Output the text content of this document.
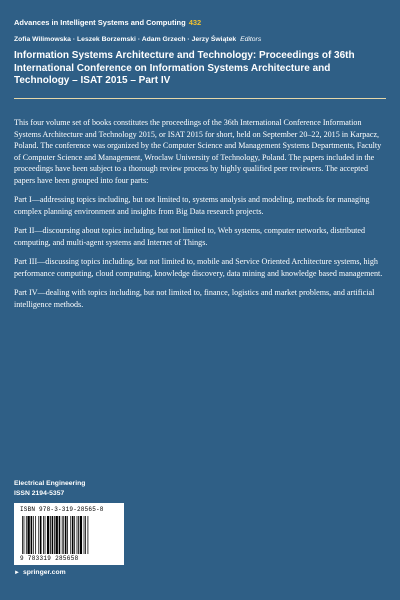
Advances in Intelligent Systems and Computing 432
Zofia Wilimowska · Leszek Borzemski · Adam Grzech · Jerzy Świątek Editors
Information Systems Architecture and Technology: Proceedings of 36th International Conference on Information Systems Architecture and Technology – ISAT 2015 – Part IV

This four volume set of books constitutes the proceedings of the 36th International Conference Information Systems Architecture and Technology 2015, or ISAT 2015 for short, held on September 20–22, 2015 in Karpacz, Poland. The conference was organized by the Computer Science and Management Systems Departments, Faculty of Computer Science and Management, Wroclaw University of Technology, Poland. The papers included in the proceedings have been subject to a thorough review process by highly qualified peer reviewers. The accepted papers have been grouped into four parts:

Part I—addressing topics including, but not limited to, systems analysis and modeling, methods for managing complex planning environment and insights from Big Data research projects.

Part II—discoursing about topics including, but not limited to, Web systems, computer networks, distributed computing, and multi-agent systems and Internet of Things.

Part III—discussing topics including, but not limited to, mobile and Service Oriented Architecture systems, high performance computing, cloud computing, knowledge discovery, data mining and knowledge based management.

Part IV—dealing with topics including, but not limited to, finance, logistics and market problems, and artificial intelligence methods.

Electrical Engineering
ISSN 2194-5357
ISBN 978-3-319-28565-8
9 783319 285658
► springer.com
